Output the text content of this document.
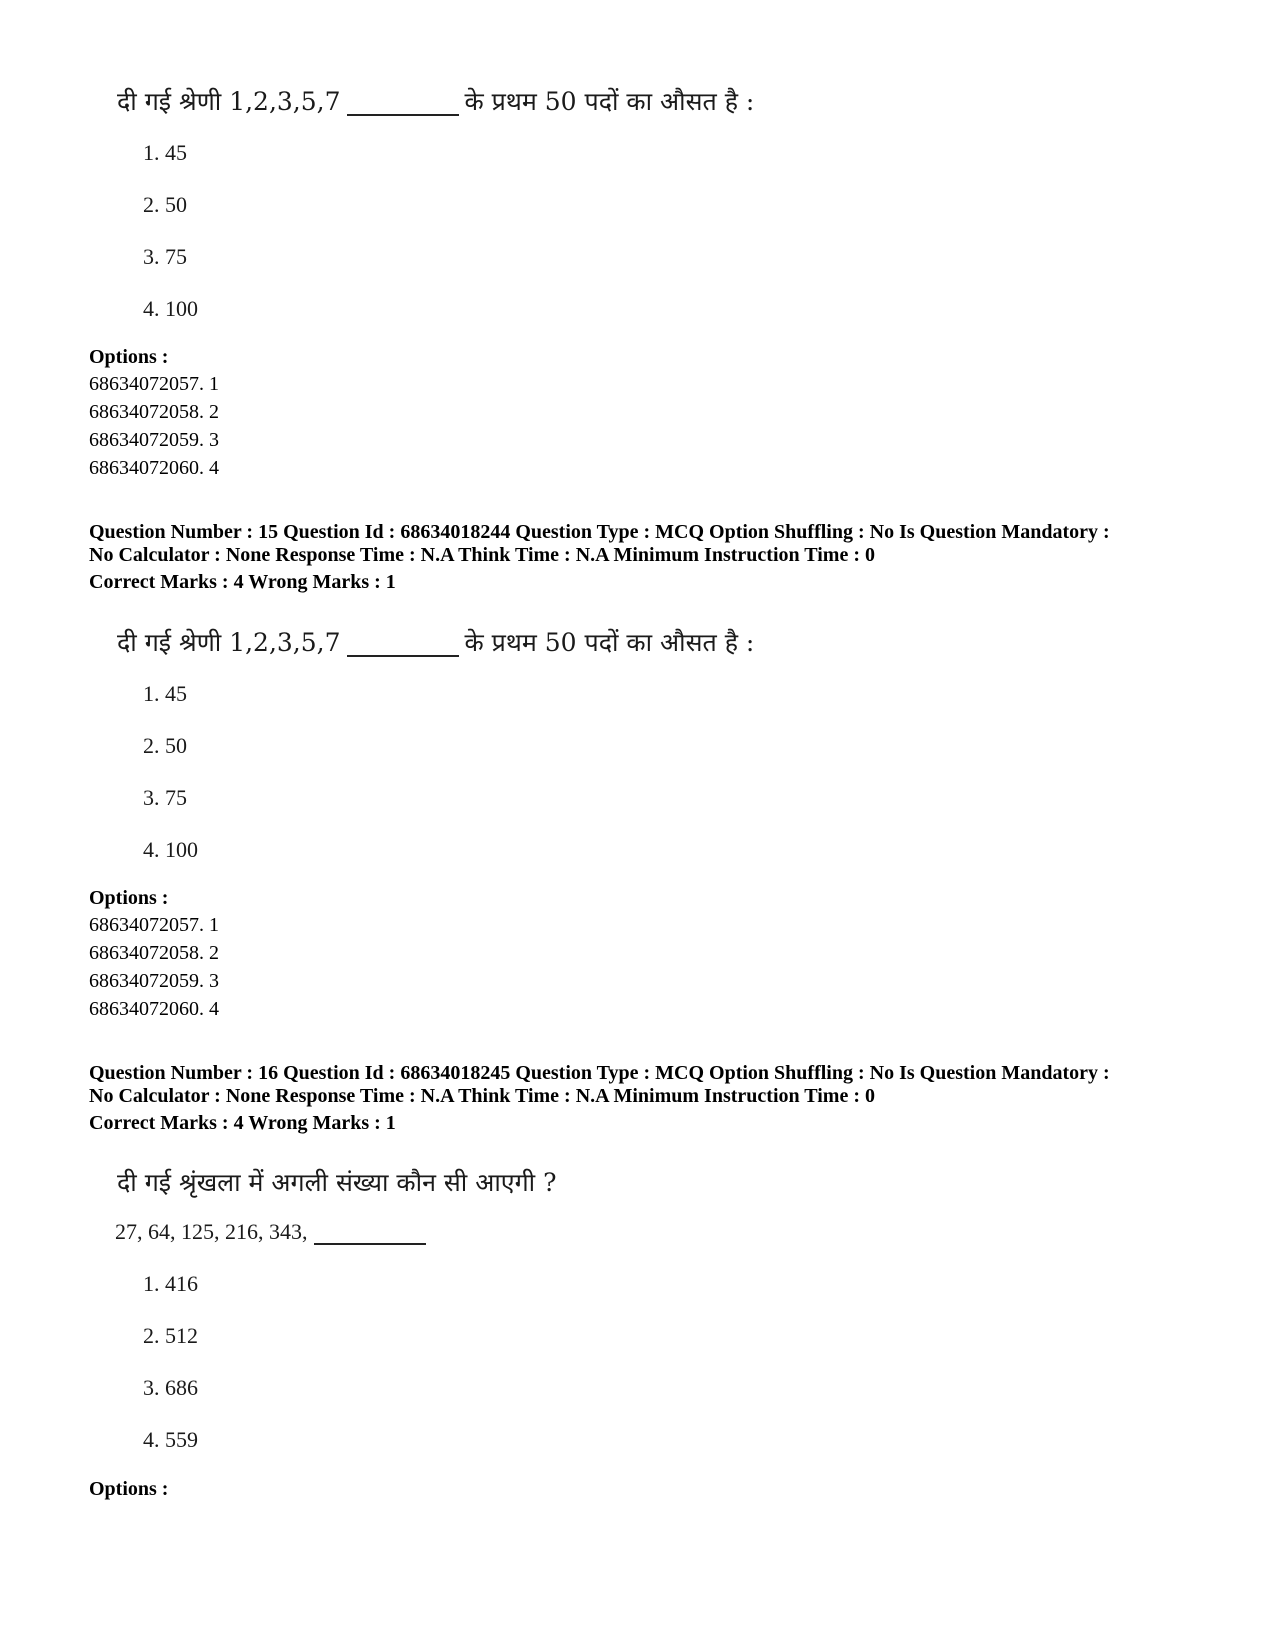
दी गई श्रेणी 1,2,3,5,7	के प्रथम 50 पदों का औसत है :
1. 45
2. 50
3. 75
4. 100
Options :
68634072057. 1
68634072058. 2
68634072059. 3
68634072060. 4
Question Number : 15 Question Id : 68634018244 Question Type : MCQ Option Shuffling : No Is Question Mandatory :
No Calculator : None Response Time : N.A Think Time : N.A Minimum Instruction Time : 0
Correct Marks : 4 Wrong Marks : 1
दी गई श्रेणी 1,2,3,5,7	के प्रथम 50 पदों का औसत है :
1. 45
2. 50
3. 75
4. 100
Options :
68634072057. 1
68634072058. 2
68634072059. 3
68634072060. 4
Question Number : 16 Question Id : 68634018245 Question Type : MCQ Option Shuffling : No Is Question Mandatory :
No Calculator : None Response Time : N.A Think Time : N.A Minimum Instruction Time : 0
Correct Marks : 4 Wrong Marks : 1
दी गई श्रृंखला में अगली संख्या कौन सी आएगी ?
27, 64, 125, 216, 343,
1. 416
2. 512
3. 686
4. 559
Options :
